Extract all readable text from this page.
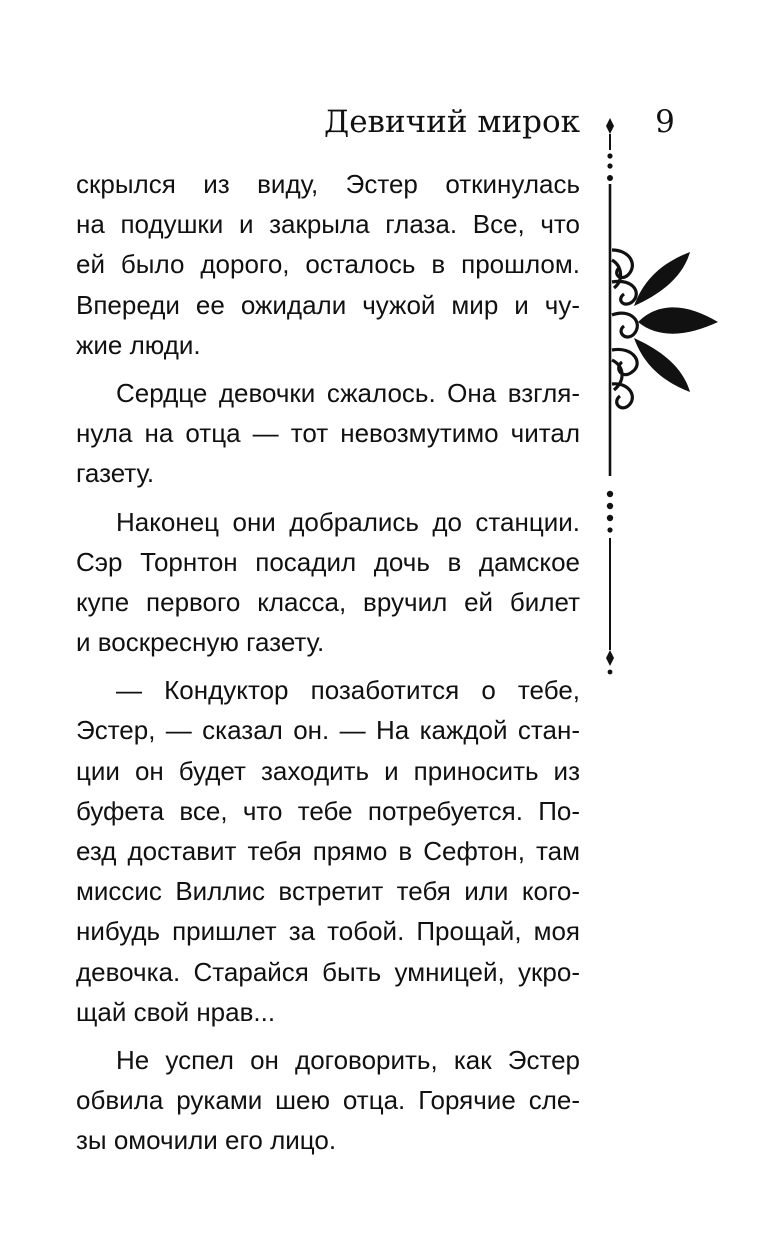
Девичий мирок	9
скрылся из виду, Эстер откинулась
на подушки и закрыла глаза. Все, что
ей было дорого, осталось в прошлом.
Впереди ее ожидали чужой мир и чу-
жие люди.
Сердце девочки сжалось. Она взгля-
нула на отца — тот невозмутимо читал
газету.
Наконец они добрались до станции.
Сэр Торнтон посадил дочь в дамское
купе первого класса, вручил ей билет
и воскресную газету.
— Кондуктор позаботится о тебе,
Эстер, — сказал он. — На каждой стан-
ции он будет заходить и приносить из
буфета все, что тебе потребуется. По-
езд доставит тебя прямо в Сефтон, там
миссис Виллис встретит тебя или кого-
нибудь пришлет за тобой. Прощай, моя
девочка. Старайся быть умницей, укро-
щай свой нрав...
Не успел он договорить, как Эстер
обвила руками шею отца. Горячие сле-
зы омочили его лицо.
